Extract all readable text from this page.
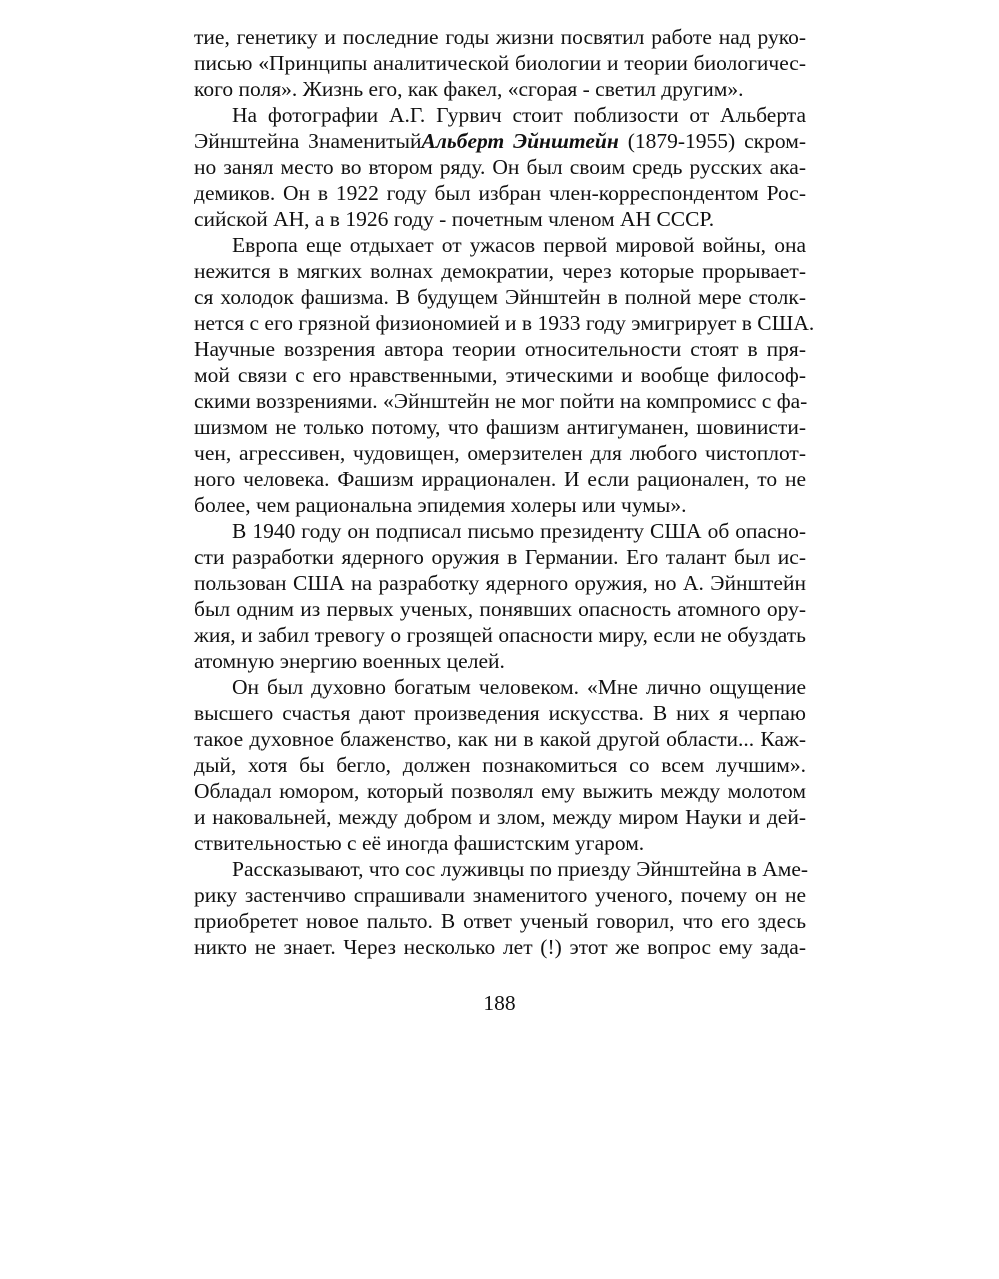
тие, генетику и последние годы жизни посвятил работе над руко-
писью «Принципы аналитической биологии и теории биологичес-
кого поля». Жизнь его, как факел, «сгорая - светил другим».
На фотографии А.Г. Гурвич стоит поблизости от Альберта
Эйнштейна ЗнаменитыйАльберт Эйнштейн (1879-1955) скром-
но занял место во втором ряду. Он был своим средь русских ака-
демиков. Он в 1922 году был избран член-корреспондентом Рос-
сийской АН, а в 1926 году - почетным членом АН СССР.
Европа еще отдыхает от ужасов первой мировой войны, она
нежится в мягких волнах демократии, через которые прорывает-
ся холодок фашизма. В будущем Эйнштейн в полной мере столк-
нется с его грязной физиономией и в 1933 году эмигрирует в США.
Научные воззрения автора теории относительности стоят в пря-
мой связи с его нравственными, этическими и вообще философ-
скими воззрениями. «Эйнштейн не мог пойти на компромисс с фа-
шизмом не только потому, что фашизм антигуманен, шовинисти-
чен, агрессивен, чудовищен, омерзителен для любого чистоплот-
ного человека. Фашизм иррационален. И если рационален, то не
более, чем рациональна эпидемия холеры или чумы».
В 1940 году он подписал письмо президенту США об опасно-
сти разработки ядерного оружия в Германии. Его талант был ис-
пользован США на разработку ядерного оружия, но А. Эйнштейн
был одним из первых ученых, понявших опасность атомного ору-
жия, и забил тревогу о грозящей опасности миру, если не обуздать
атомную энергию военных целей.
Он был духовно богатым человеком. «Мне лично ощущение
высшего счастья дают произведения искусства. В них я черпаю
такое духовное блаженство, как ни в какой другой области... Каж-
дый, хотя бы бегло, должен познакомиться со всем лучшим».
Обладал юмором, который позволял ему выжить между молотом
и наковальней, между добром и злом, между миром Науки и дей-
ствительностью с её иногда фашистским угаром.
Рассказывают, что сос луживцы по приезду Эйнштейна в Аме-
рику застенчиво спрашивали знаменитого ученого, почему он не
приобретет новое пальто. В ответ ученый говорил, что его здесь
никто не знает. Через несколько лет (!) этот же вопрос ему зада-
188
